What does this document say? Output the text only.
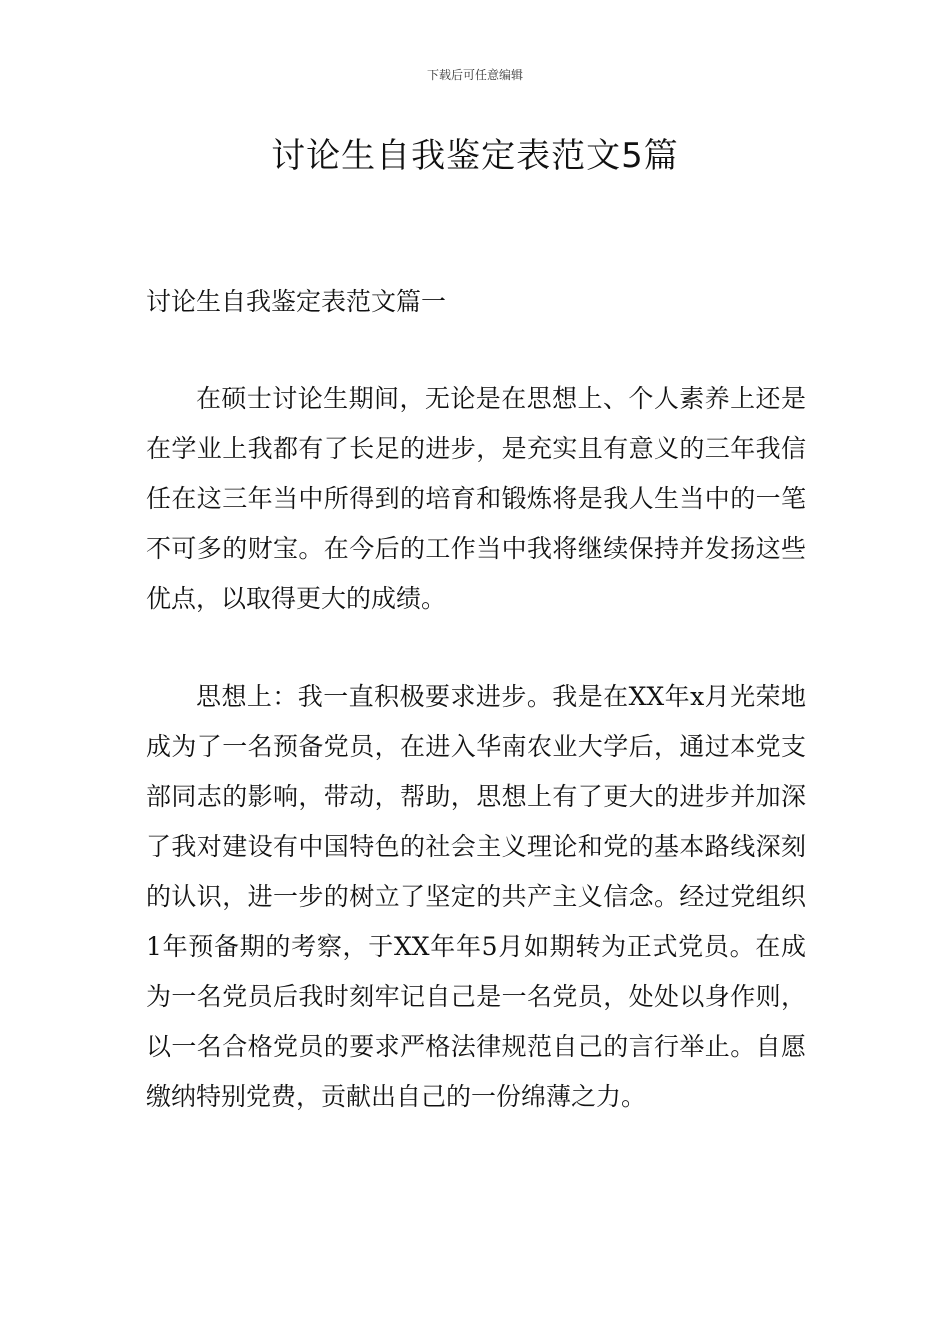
下载后可任意编辑
讨论生自我鉴定表范文5篇
讨论生自我鉴定表范文篇一

在硕士讨论生期间，无论是在思想上、个人素养上还是在学业上我都有了长足的进步，是充实且有意义的三年我信任在这三年当中所得到的培育和锻炼将是我人生当中的一笔不可多的财宝。在今后的工作当中我将继续保持并发扬这些优点，以取得更大的成绩。

思想上：我一直积极要求进步。我是在XX年x月光荣地成为了一名预备党员，在进入华南农业大学后，通过本党支部同志的影响，带动，帮助，思想上有了更大的进步并加深了我对建设有中国特色的社会主义理论和党的基本路线深刻的认识，进一步的树立了坚定的共产主义信念。经过党组织1年预备期的考察，于XX年年5月如期转为正式党员。在成为一名党员后我时刻牢记自己是一名党员，处处以身作则，以一名合格党员的要求严格法律规范自己的言行举止。自愿缴纳特别党费，贡献出自己的一份绵薄之力。
